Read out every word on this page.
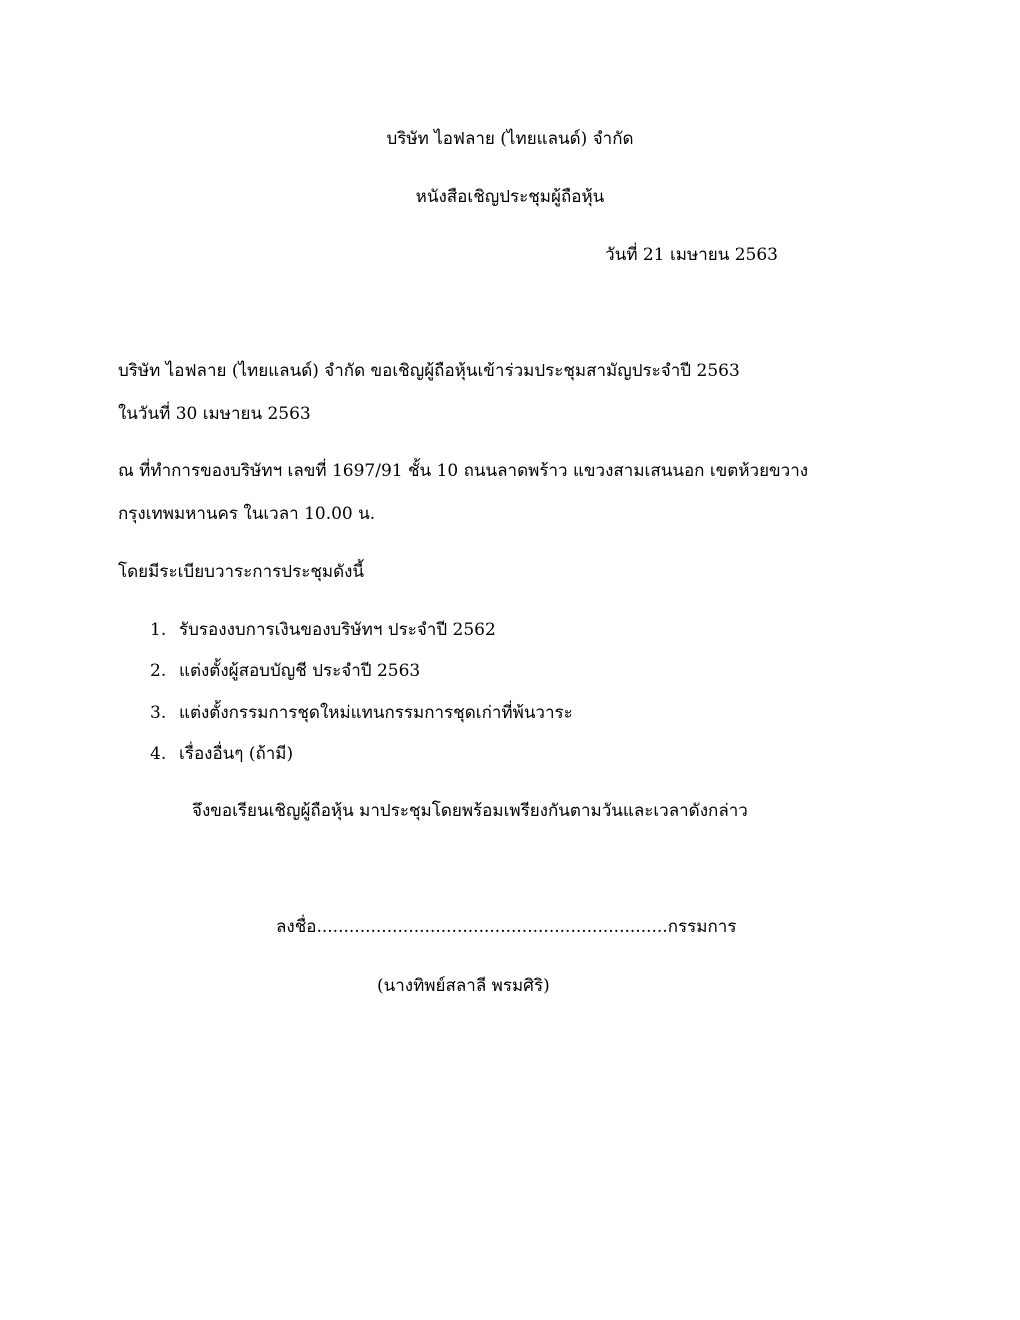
บริษัท ไอฟลาย (ไทยแลนด์) จำกัด
หนังสือเชิญประชุมผู้ถือหุ้น
วันที่ 21 เมษายน 2563
บริษัท ไอฟลาย (ไทยแลนด์) จำกัด ขอเชิญผู้ถือหุ้นเข้าร่วมประชุมสามัญประจำปี 2563
ในวันที่ 30 เมษายน 2563
ณ ที่ทำการของบริษัทฯ เลขที่ 1697/91 ชั้น 10 ถนนลาดพร้าว แขวงสามเสนนอก เขตห้วยขวาง
กรุงเทพมหานคร ในเวลา 10.00 น.
โดยมีระเบียบวาระการประชุมดังนี้
1. รับรองงบการเงินของบริษัทฯ ประจำปี 2562
2. แต่งตั้งผู้สอบบัญชี ประจำปี 2563
3. แต่งตั้งกรรมการชุดใหม่แทนกรรมการชุดเก่าที่พ้นวาระ
4. เรื่องอื่นๆ (ถ้ามี)
จึงขอเรียนเชิญผู้ถือหุ้น มาประชุมโดยพร้อมเพรียงกันตามวันและเวลาดังกล่าว
ลงชื่อ.................................................................กรรมการ
(นางทิพย์สลาลี พรมศิริ)
